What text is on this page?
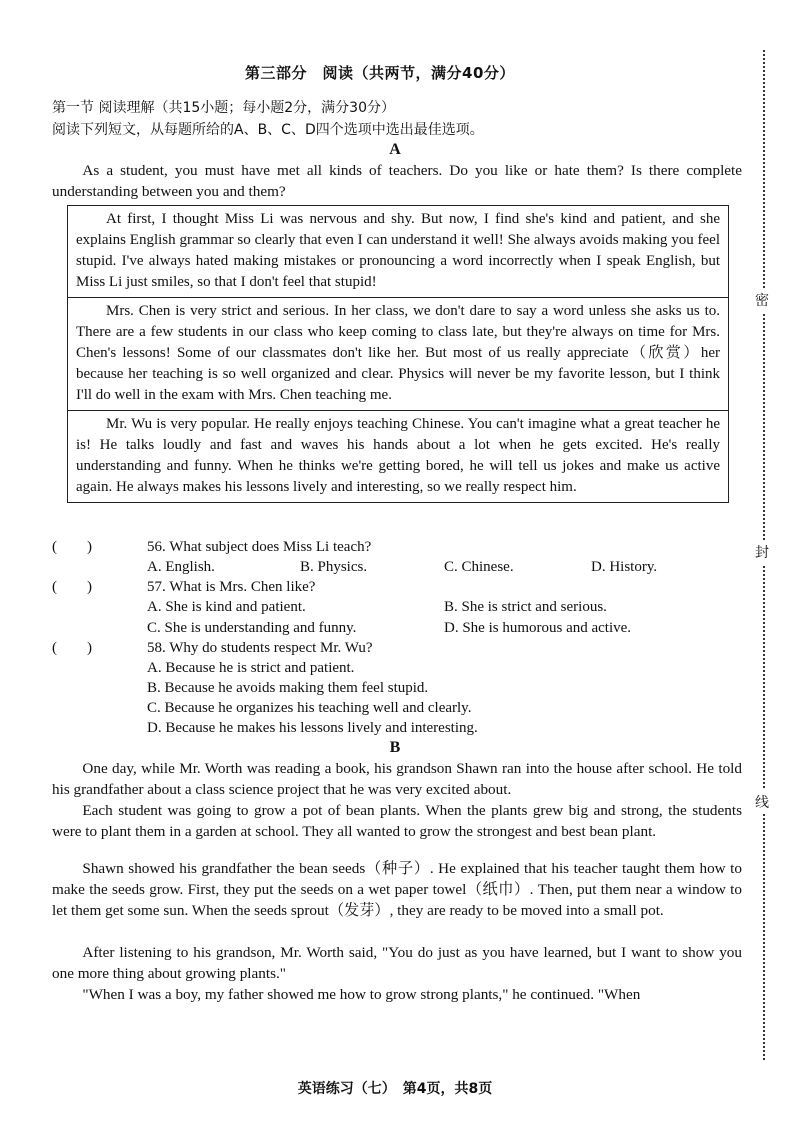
第三部分　阅读（共两节，满分40分）
第一节 阅读理解（共15小题；每小题2分，满分30分）
阅读下列短文，从每题所给的A、B、C、D四个选项中选出最佳选项。
A
As a student, you must have met all kinds of teachers. Do you like or hate them? Is there complete understanding between you and them?
At first, I thought Miss Li was nervous and shy. But now, I find she's kind and patient, and she explains English grammar so clearly that even I can understand it well! She always avoids making you feel stupid. I've always hated making mistakes or pronouncing a word incorrectly when I speak English, but Miss Li just smiles, so that I don't feel that stupid!
Mrs. Chen is very strict and serious. In her class, we don't dare to say a word unless she asks us to. There are a few students in our class who keep coming to class late, but they're always on time for Mrs. Chen's lessons! Some of our classmates don't like her. But most of us really appreciate（欣赏）her because her teaching is so well organized and clear. Physics will never be my favorite lesson, but I think I'll do well in the exam with Mrs. Chen teaching me.
Mr. Wu is very popular. He really enjoys teaching Chinese. You can't imagine what a great teacher he is! He talks loudly and fast and waves his hands about a lot when he gets excited. He's really understanding and funny. When he thinks we're getting bored, he will tell us jokes and make us active again. He always makes his lessons lively and interesting, so we really respect him.
(　　)	56. What subject does Miss Li teach?
A. English.	B. Physics.	C. Chinese.	D. History.
(　　)	57. What is Mrs. Chen like?
A. She is kind and patient.	B. She is strict and serious.
C. She is understanding and funny.	D. She is humorous and active.
(　　)	58. Why do students respect Mr. Wu?
A. Because he is strict and patient.
B. Because he avoids making them feel stupid.
C. Because he organizes his teaching well and clearly.
D. Because he makes his lessons lively and interesting.
B
One day, while Mr. Worth was reading a book, his grandson Shawn ran into the house after school. He told his grandfather about a class science project that he was very excited about.
Each student was going to grow a pot of bean plants. When the plants grew big and strong, the students were to plant them in a garden at school. They all wanted to grow the strongest and best bean plant.
Shawn showed his grandfather the bean seeds（种子）. He explained that his teacher taught them how to make the seeds grow. First, they put the seeds on a wet paper towel（纸巾）. Then, put them near a window to let them get some sun. When the seeds sprout（发芽）, they are ready to be moved into a small pot.
After listening to his grandson, Mr. Worth said, "You do just as you have learned, but I want to show you one more thing about growing plants."
"When I was a boy, my father showed me how to grow strong plants," he continued. "When
密
封
线
英语练习（七）　第4页，共8页
